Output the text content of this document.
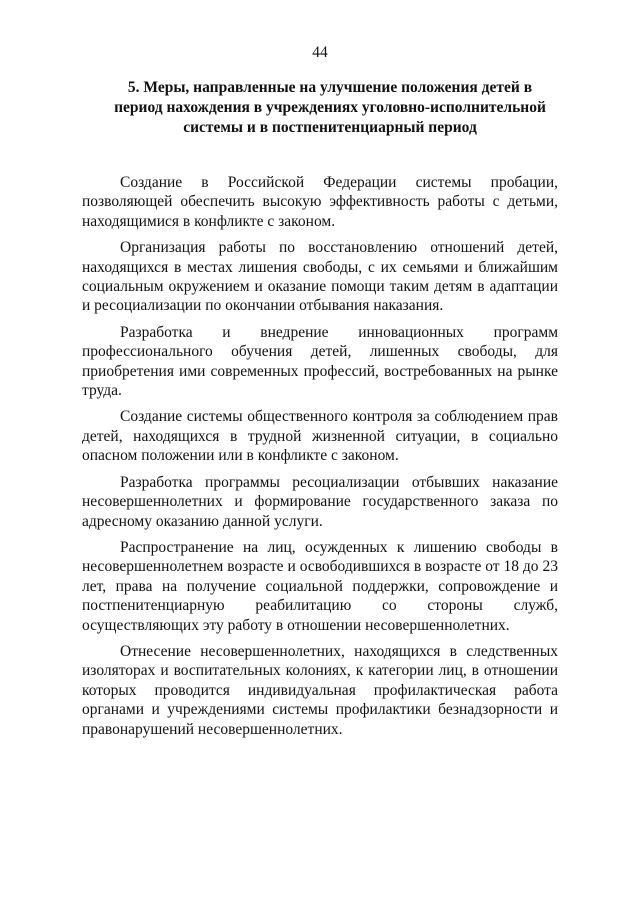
44
5. Меры, направленные на улучшение положения детей в период нахождения в учреждениях уголовно-исполнительной системы и в постпенитенциарный период

Создание в Российской Федерации системы пробации, позволяющей обеспечить высокую эффективность работы с детьми, находящимися в конфликте с законом.

Организация работы по восстановлению отношений детей, находящихся в местах лишения свободы, с их семьями и ближайшим социальным окружением и оказание помощи таким детям в адаптации и ресоциализации по окончании отбывания наказания.

Разработка и внедрение инновационных программ профессионального обучения детей, лишенных свободы, для приобретения ими современных профессий, востребованных на рынке труда.

Создание системы общественного контроля за соблюдением прав детей, находящихся в трудной жизненной ситуации, в социально опасном положении или в конфликте с законом.

Разработка программы ресоциализации отбывших наказание несовершеннолетних и формирование государственного заказа по адресному оказанию данной услуги.

Распространение на лиц, осужденных к лишению свободы в несовершеннолетнем возрасте и освободившихся в возрасте от 18 до 23 лет, права на получение социальной поддержки, сопровождение и постпенитенциарную реабилитацию со стороны служб, осуществляющих эту работу в отношении несовершеннолетних.

Отнесение несовершеннолетних, находящихся в следственных изоляторах и воспитательных колониях, к категории лиц, в отношении которых проводится индивидуальная профилактическая работа органами и учреждениями системы профилактики безнадзорности и правонарушений несовершеннолетних.
